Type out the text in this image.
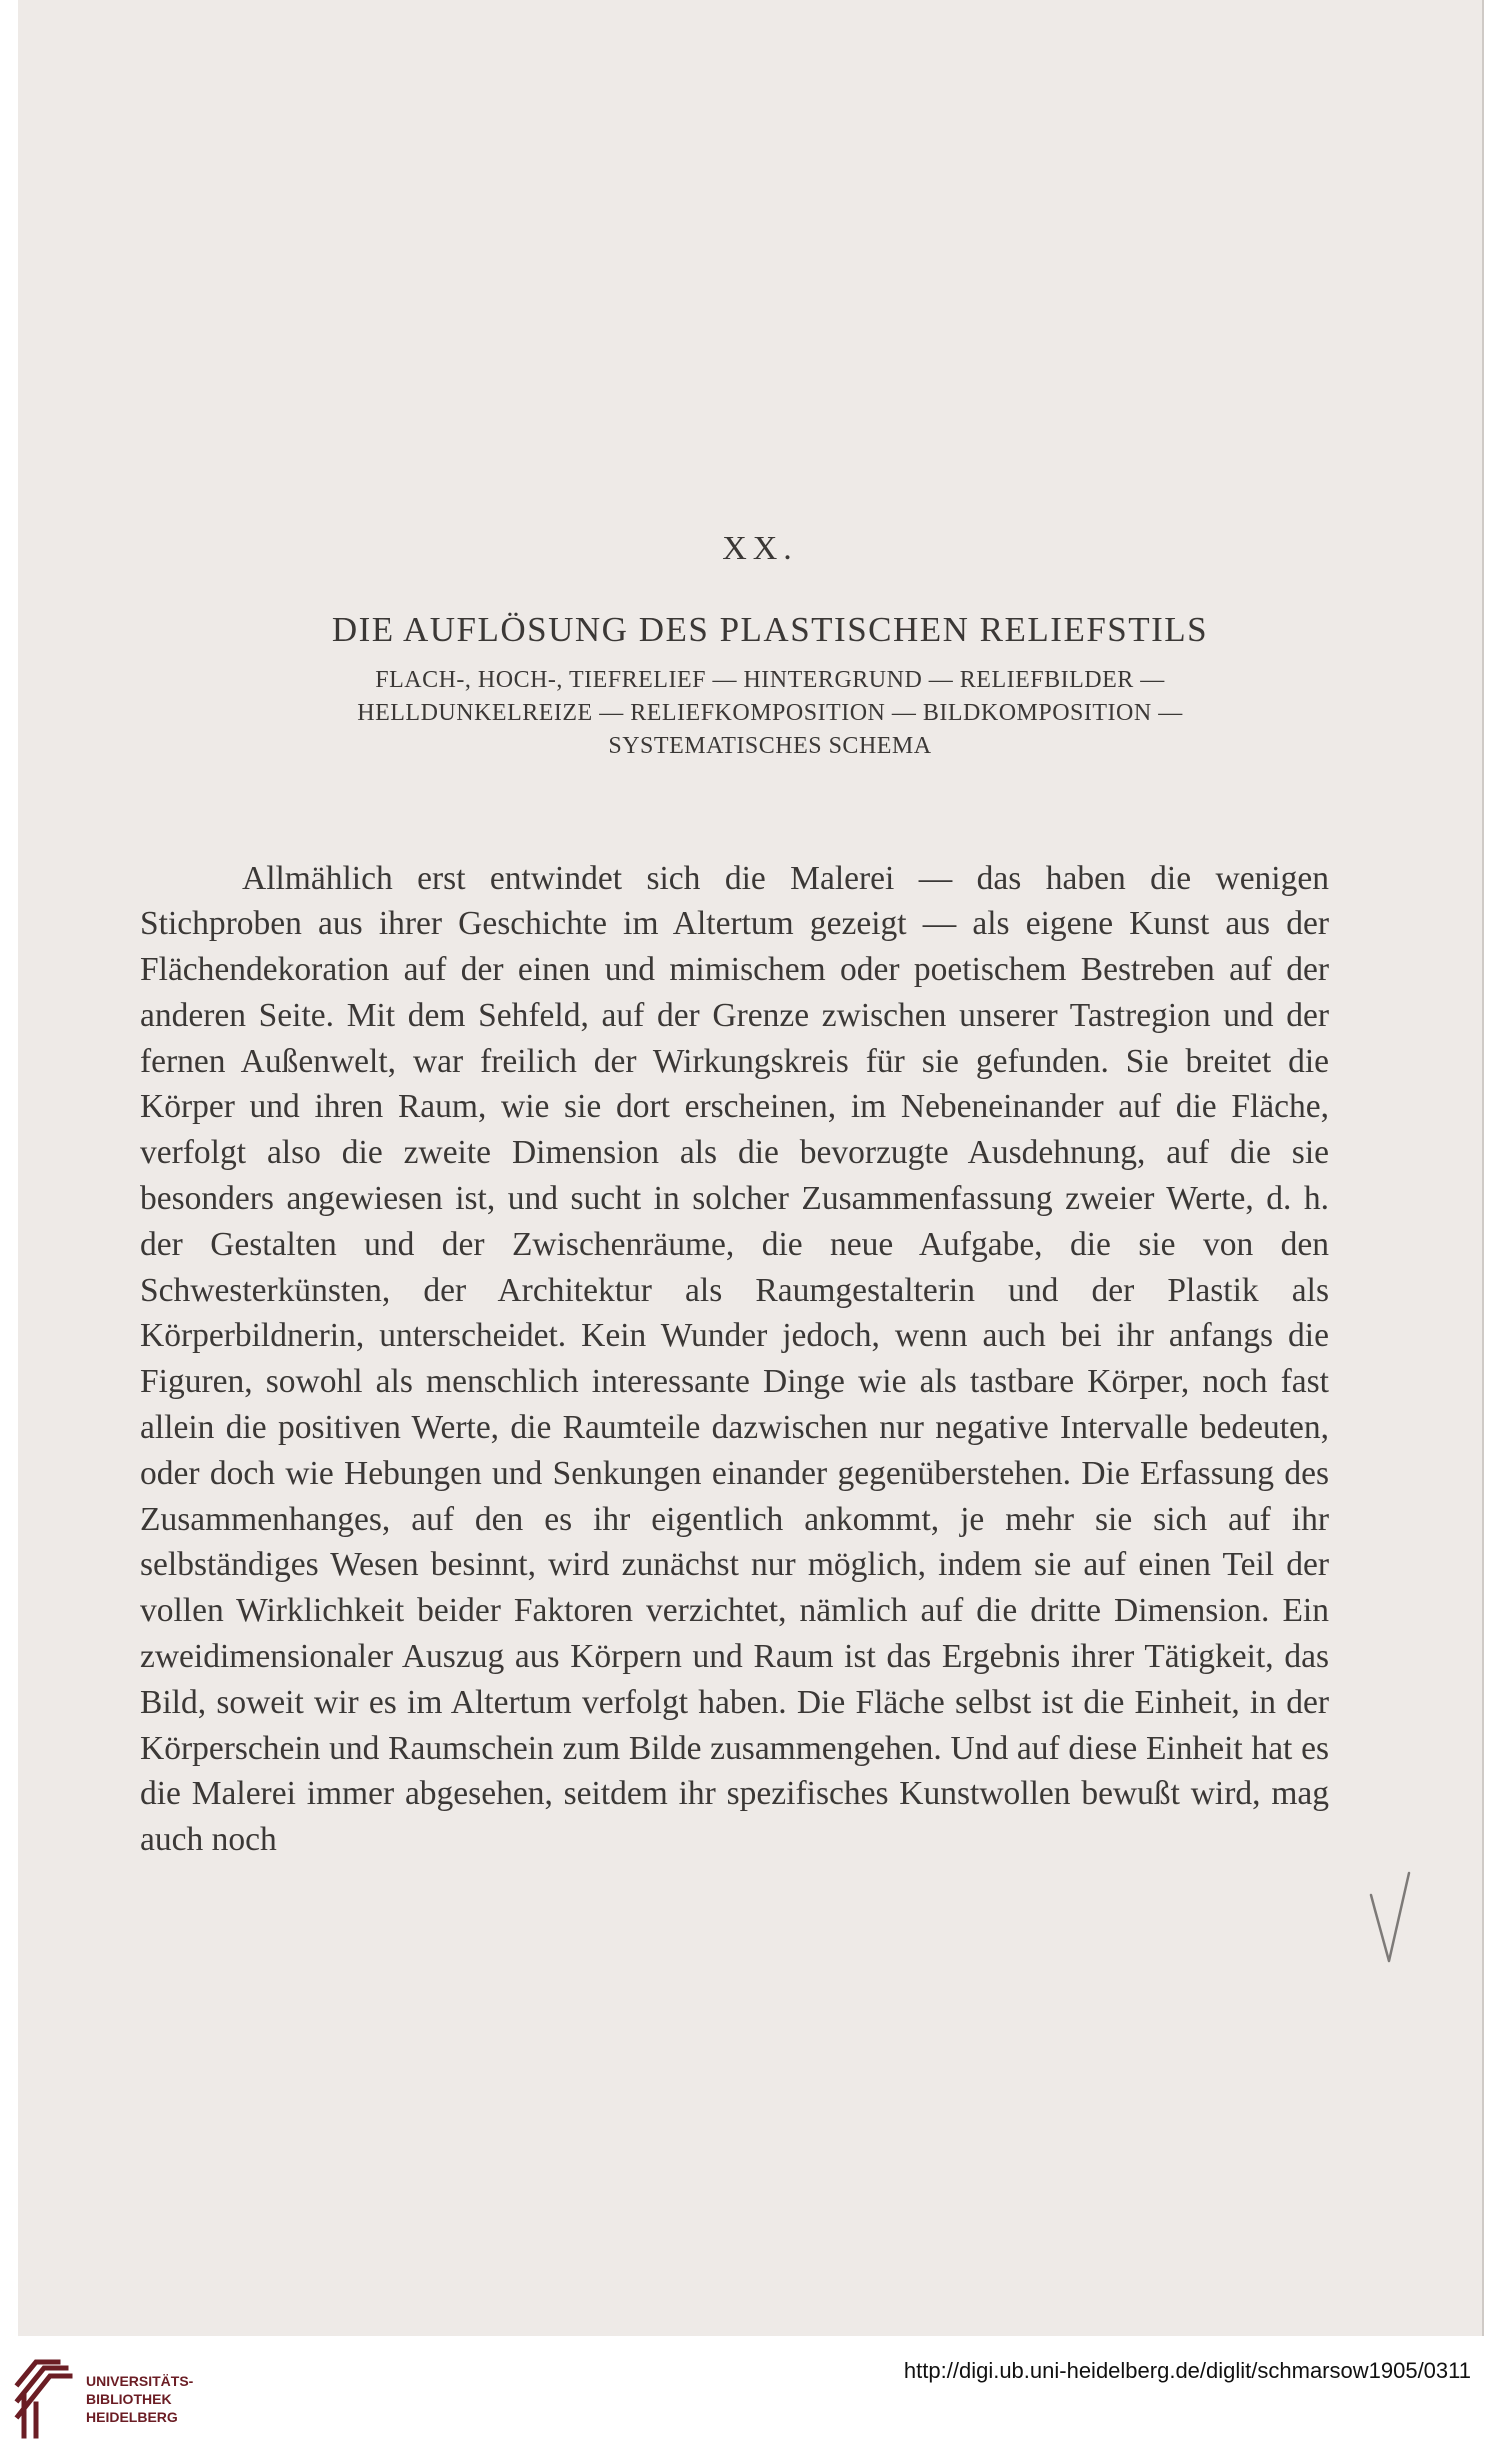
XX.
DIE AUFLÖSUNG DES PLASTISCHEN RELIEFSTILS
FLACH-, HOCH-, TIEFRELIEF — HINTERGRUND — RELIEFBILDER —
HELLDUNKELREIZE — RELIEFKOMPOSITION — BILDKOMPOSITION —
SYSTEMATISCHES SCHEMA

Allmählich erst entwindet sich die Malerei — das haben die wenigen Stichproben aus ihrer Geschichte im Altertum gezeigt — als eigene Kunst aus der Flächendekoration auf der einen und mimischem oder poetischem Bestreben auf der anderen Seite. Mit dem Sehfeld, auf der Grenze zwischen unserer Tastregion und der fernen Außenwelt, war freilich der Wirkungskreis für sie gefunden. Sie breitet die Körper und ihren Raum, wie sie dort erscheinen, im Nebeneinander auf die Fläche, verfolgt also die zweite Dimension als die bevorzugte Ausdehnung, auf die sie besonders angewiesen ist, und sucht in solcher Zusammenfassung zweier Werte, d. h. der Gestalten und der Zwischenräume, die neue Aufgabe, die sie von den Schwesterkünsten, der Architektur als Raumgestalterin und der Plastik als Körperbildnerin, unterscheidet. Kein Wunder jedoch, wenn auch bei ihr anfangs die Figuren, sowohl als menschlich interessante Dinge wie als tastbare Körper, noch fast allein die positiven Werte, die Raumteile dazwischen nur negative Intervalle bedeuten, oder doch wie Hebungen und Senkungen einander gegenüberstehen. Die Erfassung des Zusammenhanges, auf den es ihr eigentlich ankommt, je mehr sie sich auf ihr selbständiges Wesen besinnt, wird zunächst nur möglich, indem sie auf einen Teil der vollen Wirklichkeit beider Faktoren verzichtet, nämlich auf die dritte Dimension. Ein zweidimensionaler Auszug aus Körpern und Raum ist das Ergebnis ihrer Tätigkeit, das Bild, soweit wir es im Altertum verfolgt haben. Die Fläche selbst ist die Einheit, in der Körperschein und Raumschein zum Bilde zusammengehen. Und auf diese Einheit hat es die Malerei immer abgesehen, seitdem ihr spezifisches Kunstwollen bewußt wird, mag auch noch

UNIVERSITÄTS-
BIBLIOTHEK
HEIDELBERG
http://digi.ub.uni-heidelberg.de/diglit/schmarsow1905/0311
